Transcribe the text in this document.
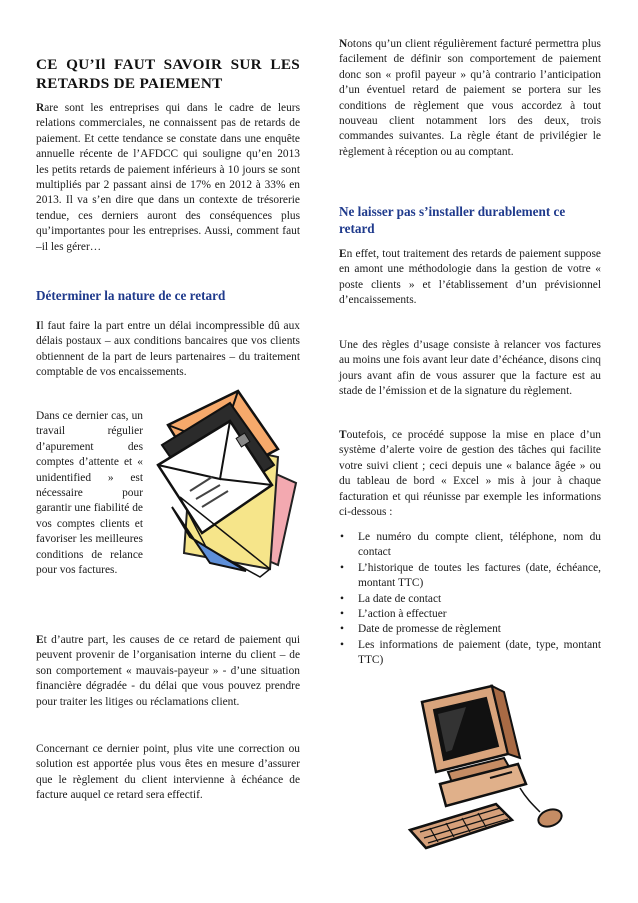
CE QU’Il FAUT SAVOIR SUR LES RETARDS DE PAIEMENT

Rare sont les entreprises qui dans le cadre de leurs relations commerciales, ne connaissent pas de retards de paiement. Et cette tendance se constate dans une enquête annuelle récente de l’AFDCC qui souligne qu’en 2013 les petits retards de paiement inférieurs à 10 jours se sont multipliés par 2 passant ainsi de 17% en 2012 à 33% en 2013. Il va s’en dire que dans un contexte de trésorerie tendue, ces derniers auront des conséquences plus qu’importantes pour les entreprises. Aussi, comment faut –il les gérer…

Déterminer la nature de ce retard

Il faut faire la part entre un délai incompressible dû aux délais postaux – aux conditions bancaires que vos clients obtiennent de la part de leurs partenaires – du traitement comptable de vos encaissements.

Dans ce dernier cas, un travail régulier d’apurement des comptes d’attente et « unidentified » est nécessaire pour garantir une fiabilité de vos comptes clients et favoriser les meilleures conditions de relance pour vos factures.

Et d’autre part, les causes de ce retard de paiement qui peuvent provenir de l’organisation interne du client – de son comportement « mauvais-payeur » - d’une situation financière dégradée - du délai que vous pouvez prendre pour traiter les litiges ou réclamations client.

Concernant ce dernier point, plus vite une correction ou solution est apportée plus vous êtes en mesure d’assurer que le règlement du client intervienne à échéance de facture auquel ce retard sera effectif.

Notons qu’un client régulièrement facturé permettra plus facilement de définir son comportement de paiement donc son « profil payeur » qu’à contrario l’anticipation d’un éventuel retard de paiement se portera sur les conditions de règlement que vous accordez à tout nouveau client notamment lors des deux, trois commandes suivantes. La règle étant de privilégier le règlement à réception ou au comptant.

Ne laisser pas s’installer durablement ce retard

En effet, tout traitement des retards de paiement suppose en amont une méthodologie dans la gestion de votre « poste clients » et l’établissement d’un prévisionnel d’encaissements.

Une des règles d’usage consiste à relancer vos factures au moins une fois avant leur date d’échéance, disons cinq jours avant afin de vous assurer que la facture est au stade de l’émission et de la signature du règlement.

Toutefois, ce procédé suppose la mise en place d’un système d’alerte voire de gestion des tâches qui facilite votre suivi client ; ceci depuis une « balance âgée » ou du tableau de bord « Excel » mis à jour à chaque facturation et qui réunisse par exemple les informations ci-dessous :

• Le numéro du compte client, téléphone, nom du contact
• L’historique de toutes les factures (date, échéance, montant TTC)
• La date de contact
• L’action à effectuer
• Date de promesse de règlement
• Les informations de paiement (date, type, montant TTC)
